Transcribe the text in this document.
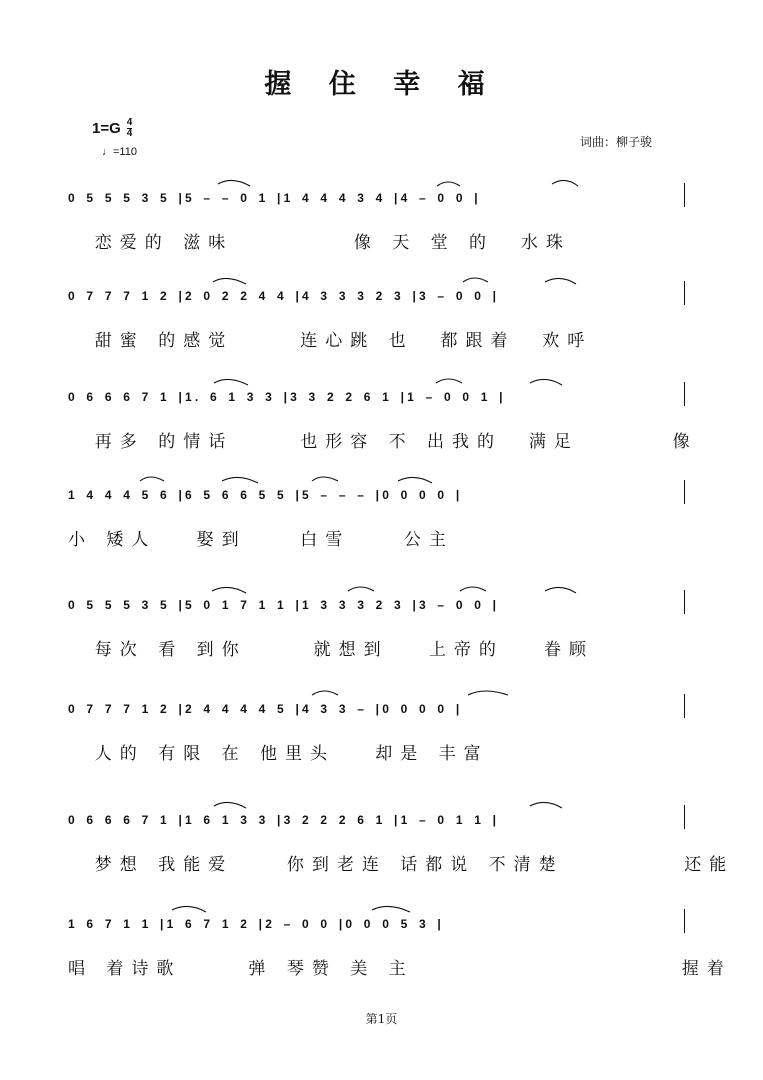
握 住 幸 福
$1=G \frac{4}{4}$
♩=110
词曲：柳子骏
0 5 5 5 3 5 |5 – – 0 1 |1 4 4 4 3 4 |4 – 0 0 |
恋爱的 滋味         像 天 堂 的  水珠
0 7 7 7 1 2 |2 0 2 2 4 4 |4 3 3 3 2 3 |3 – 0 0 |
甜蜜 的感觉     连心跳 也  都跟着  欢呼
0 6 6 6 7 1 |1. 6 1 3 3 |3 3 2 2 6 1 |1 – 0 0 1 |
再多 的情话     也形容 不 出我的  满足       像
1 4 4 4 5 6 |6 5 6 6 5 5 |5 – – – |0 0 0 0 |
小 矮人   娶到    白雪    公主
0 5 5 5 3 5 |5 0 1 7 1 1 |1 3 3 3 2 3 |3 – 0 0 |
每次 看 到你     就想到   上帝的   眷顾
0 7 7 7 1 2 |2 4 4 4 4 5 |4 3 3 – |0 0 0 0 |
人的 有限 在 他里头   却是 丰富
0 6 6 6 7 1 |1 6 1 3 3 |3 2 2 2 6 1 |1 – 0 1 1 |
梦想 我能爱    你到老连 话都说 不清楚         还能
1 6 7 1 1 |1 6 7 1 2 |2 – 0 0 |0 0 0 5 3 |
唱 着诗歌     弹 琴赞 美 主                    握着
第1页
